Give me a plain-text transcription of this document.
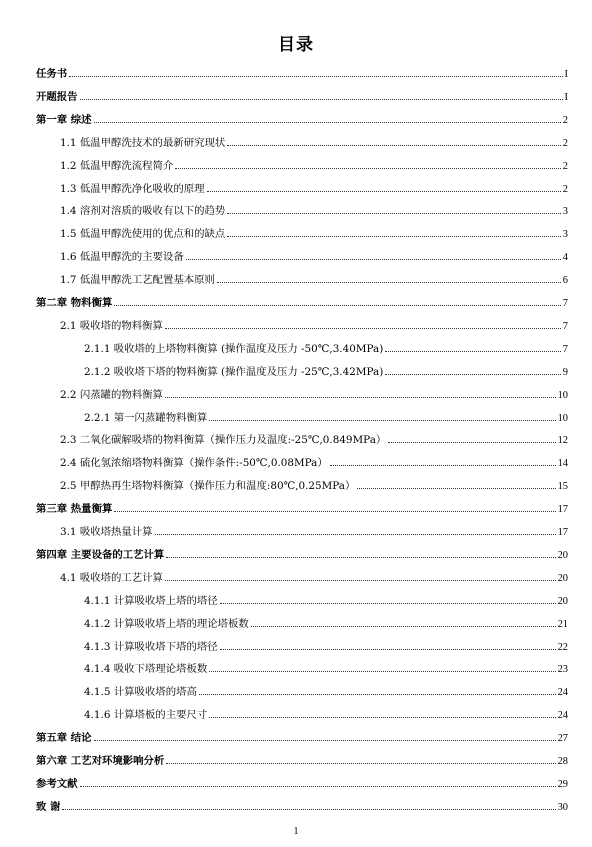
目录
任务书	I
开题报告	I
第一章 综述	2
1.1 低温甲醇洗技术的最新研究现状	2
1.2 低温甲醇洗流程简介	2
1.3 低温甲醇洗净化吸收的原理	2
1.4 溶剂对溶质的吸收有以下的趋势	3
1.5 低温甲醇洗使用的优点和的缺点	3
1.6 低温甲醇洗的主要设备	4
1.7 低温甲醇洗工艺配置基本原则	6
第二章 物料衡算	7
2.1 吸收塔的物料衡算	7
2.1.1 吸收塔的上塔物料衡算 (操作温度及压力 -50℃,3.40MPa)	7
2.1.2 吸收塔下塔的物料衡算 (操作温度及压力 -25℃,3.42MPa)	9
2.2 闪蒸罐的物料衡算	10
2.2.1 第一闪蒸罐物料衡算	10
2.3 二氧化碳解吸塔的物料衡算（操作压力及温度:-25℃,0.849MPa）	12
2.4 硫化氢浓缩塔物料衡算（操作条件:-50℃,0.08MPa）	14
2.5 甲醇热再生塔物料衡算（操作压力和温度:80℃,0.25MPa）	15
第三章 热量衡算	17
3.1 吸收塔热量计算	17
第四章 主要设备的工艺计算	20
4.1 吸收塔的工艺计算	20
4.1.1 计算吸收塔上塔的塔径	20
4.1.2 计算吸收塔上塔的理论塔板数	21
4.1.3 计算吸收塔下塔的塔径	22
4.1.4 吸收下塔理论塔板数	23
4.1.5 计算吸收塔的塔高	24
4.1.6 计算塔板的主要尺寸	24
第五章 结论	27
第六章 工艺对环境影响分析	28
参考文献	29
致 谢	30
1
